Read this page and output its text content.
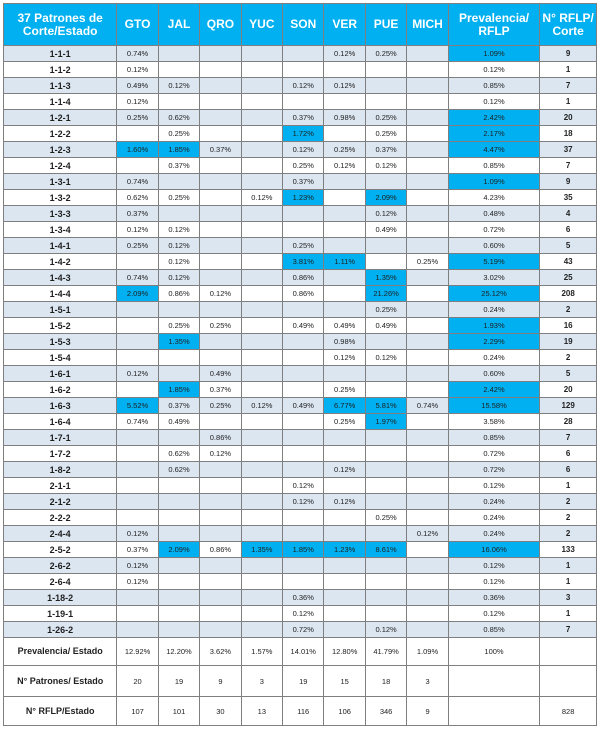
37 Patrones de Corte/Estado	GTO	JAL	QRO	YUC	SON	VER	PUE	MICH	Prevalencia/ RFLP	N° RFLP/ Corte
1-1-1	0.74%					0.12%	0.25%		1.09%	9
1-1-2	0.12%								0.12%	1
1-1-3	0.49%	0.12%			0.12%	0.12%			0.85%	7
1-1-4	0.12%								0.12%	1
1-2-1	0.25%	0.62%			0.37%	0.98%	0.25%		2.42%	20
1-2-2		0.25%			1.72%		0.25%		2.17%	18
1-2-3	1.60%	1.85%	0.37%		0.12%	0.25%	0.37%		4.47%	37
1-2-4		0.37%			0.25%	0.12%	0.12%		0.85%	7
1-3-1	0.74%				0.37%				1.09%	9
1-3-2	0.62%	0.25%		0.12%	1.23%		2.09%		4.23%	35
1-3-3	0.37%						0.12%		0.48%	4
1-3-4	0.12%	0.12%					0.49%		0.72%	6
1-4-1	0.25%	0.12%			0.25%				0.60%	5
1-4-2		0.12%			3.81%	1.11%		0.25%	5.19%	43
1-4-3	0.74%	0.12%			0.86%		1.35%		3.02%	25
1-4-4	2.09%	0.86%	0.12%		0.86%		21.26%		25.12%	208
1-5-1							0.25%		0.24%	2
1-5-2		0.25%	0.25%		0.49%	0.49%	0.49%		1.93%	16
1-5-3		1.35%				0.98%			2.29%	19
1-5-4						0.12%	0.12%		0.24%	2
1-6-1	0.12%		0.49%						0.60%	5
1-6-2		1.85%	0.37%			0.25%			2.42%	20
1-6-3	5.52%	0.37%	0.25%	0.12%	0.49%	6.77%	5.81%	0.74%	15.58%	129
1-6-4	0.74%	0.49%				0.25%	1.97%		3.58%	28
1-7-1			0.86%						0.85%	7
1-7-2		0.62%	0.12%						0.72%	6
1-8-2		0.62%				0.12%			0.72%	6
2-1-1					0.12%				0.12%	1
2-1-2					0.12%	0.12%			0.24%	2
2-2-2							0.25%		0.24%	2
2-4-4	0.12%							0.12%	0.24%	2
2-5-2	0.37%	2.09%	0.86%	1.35%	1.85%	1.23%	8.61%		16.06%	133
2-6-2	0.12%								0.12%	1
2-6-4	0.12%								0.12%	1
1-18-2					0.36%				0.36%	3
1-19-1					0.12%				0.12%	1
1-26-2					0.72%		0.12%		0.85%	7
Prevalencia/ Estado	12.92%	12.20%	3.62%	1.57%	14.01%	12.80%	41.79%	1.09%	100%	
N° Patrones/ Estado	20	19	9	3	19	15	18	3		
N° RFLP/Estado	107	101	30	13	116	106	346	9		828
